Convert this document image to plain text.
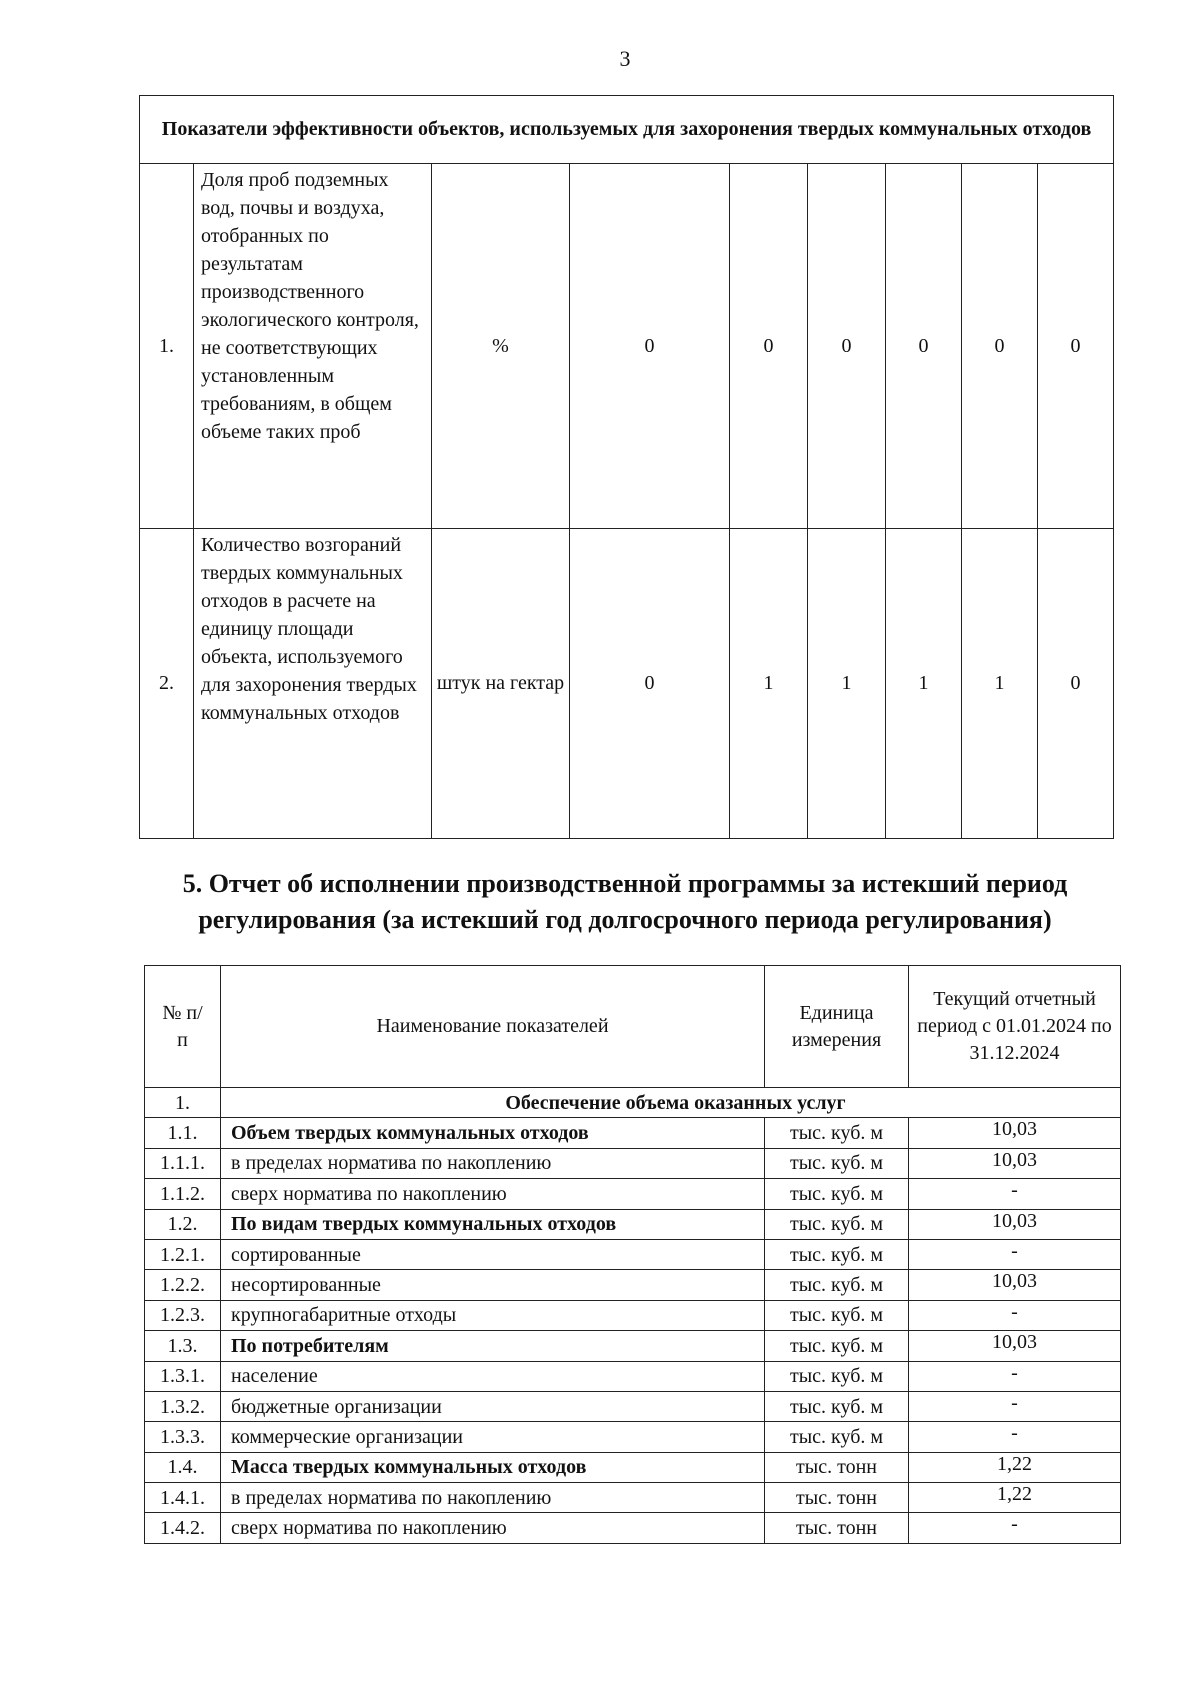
3
Показатели эффективности объектов, используемых для захоронения твердых коммунальных отходов								
1.	Доля проб подземных вод, почвы и воздуха, отобранных по результатам производственного экологического контроля, не соответствующих установленным требованиям, в общем объеме таких проб	%	0	0	0	0	0	0
2.	Количество возгораний твердых коммунальных отходов в расчете на единицу площади объекта, используемого для захоронения твердых коммунальных отходов	штук на гектар	0	1	1	1	1	0
5. Отчет об исполнении производственной программы за истекший период регулирования (за истекший год долгосрочного периода регулирования)
№ п/п	Наименование показателей	Единица измерения	Текущий отчетный период с 01.01.2024 по 31.12.2024
1.	Обеспечение объема оказанных услуг		
1.1.	Объем твердых коммунальных отходов	тыс. куб. м	10,03
1.1.1.	в пределах норматива по накоплению	тыс. куб. м	10,03
1.1.2.	сверх норматива по накоплению	тыс. куб. м	-
1.2.	По видам твердых коммунальных отходов	тыс. куб. м	10,03
1.2.1.	сортированные	тыс. куб. м	-
1.2.2.	несортированные	тыс. куб. м	10,03
1.2.3.	крупногабаритные отходы	тыс. куб. м	-
1.3.	По потребителям	тыс. куб. м	10,03
1.3.1.	население	тыс. куб. м	-
1.3.2.	бюджетные организации	тыс. куб. м	-
1.3.3.	коммерческие организации	тыс. куб. м	-
1.4.	Масса твердых коммунальных отходов	тыс. тонн	1,22
1.4.1.	в пределах норматива по накоплению	тыс. тонн	1,22
1.4.2.	сверх норматива по накоплению	тыс. тонн	-
